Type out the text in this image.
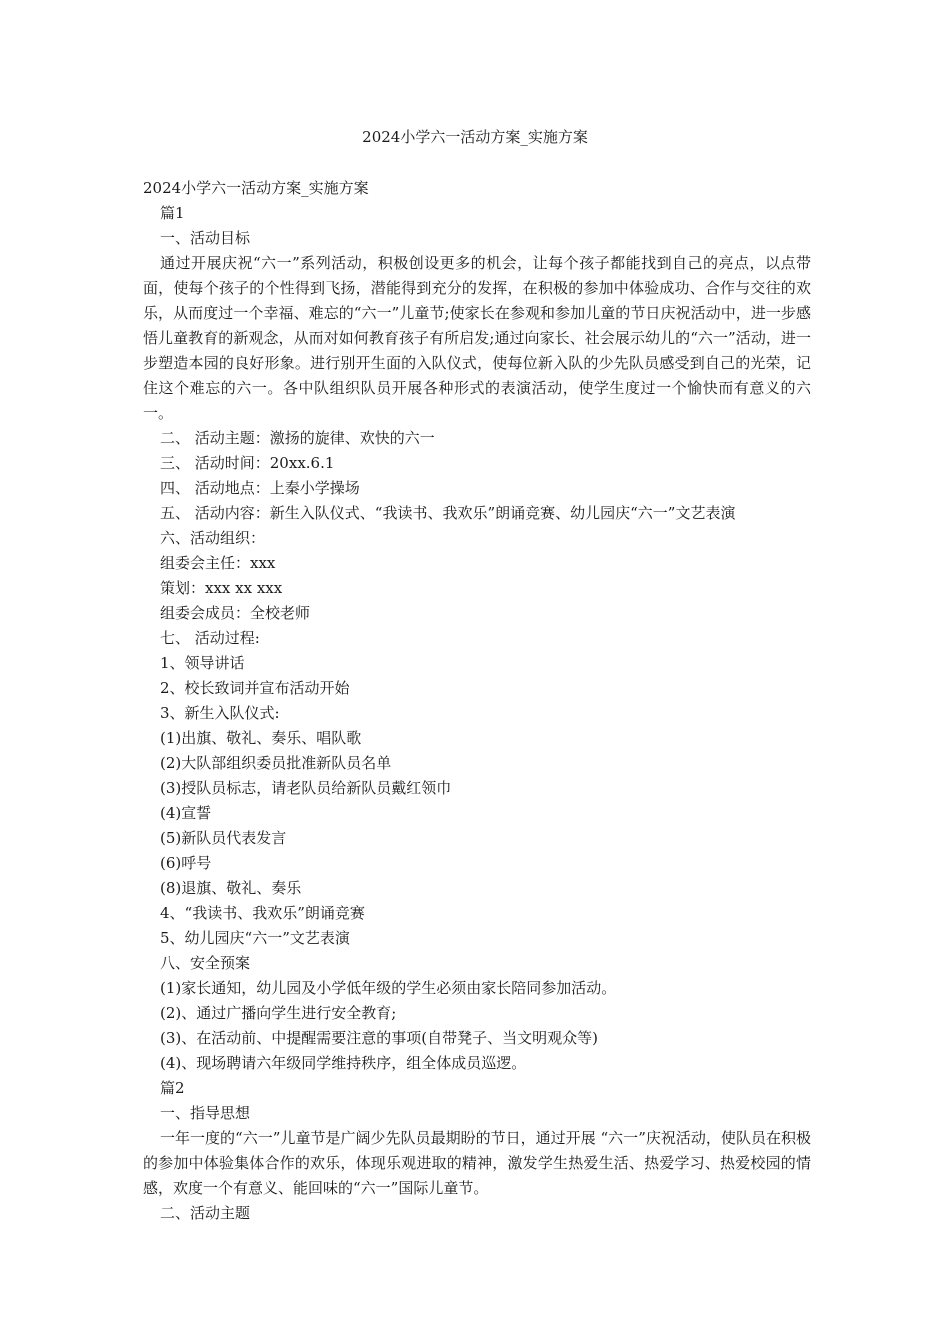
2024小学六一活动方案_实施方案
2024小学六一活动方案_实施方案
篇1
一、活动目标
通过开展庆祝“六一”系列活动，积极创设更多的机会，让每个孩子都能找到自己的亮点，以点带面，使每个孩子的个性得到飞扬，潜能得到充分的发挥，在积极的参加中体验成功、合作与交往的欢乐，从而度过一个幸福、难忘的“六一”儿童节;使家长在参观和参加儿童的节日庆祝活动中，进一步感悟儿童教育的新观念，从而对如何教育孩子有所启发;通过向家长、社会展示幼儿的“六一”活动，进一步塑造本园的良好形象。进行别开生面的入队仪式，使每位新入队的少先队员感受到自己的光荣，记住这个难忘的六一。各中队组织队员开展各种形式的表演活动，使学生度过一个愉快而有意义的六一。
二、 活动主题：激扬的旋律、欢快的六一
三、 活动时间：20xx.6.1
四、 活动地点：上秦小学操场
五、 活动内容：新生入队仪式、“我读书、我欢乐”朗诵竞赛、幼儿园庆“六一”文艺表演
六、活动组织：
组委会主任：xxx
策划：xxx xx xxx
组委会成员：全校老师
七、 活动过程:
1、领导讲话
2、校长致词并宣布活动开始
3、新生入队仪式:
(1)出旗、敬礼、奏乐、唱队歌
(2)大队部组织委员批准新队员名单
(3)授队员标志，请老队员给新队员戴红领巾
(4)宣誓
(5)新队员代表发言
(6)呼号
(8)退旗、敬礼、奏乐
4、“我读书、我欢乐”朗诵竞赛
5、幼儿园庆“六一”文艺表演
八、安全预案
(1)家长通知，幼儿园及小学低年级的学生必须由家长陪同参加活动。
(2)、通过广播向学生进行安全教育;
(3)、在活动前、中提醒需要注意的事项(自带凳子、当文明观众等)
(4)、现场聘请六年级同学维持秩序，组全体成员巡逻。
篇2
一、指导思想
一年一度的“六一”儿童节是广阔少先队员最期盼的节日，通过开展 “六一”庆祝活动，使队员在积极的参加中体验集体合作的欢乐，体现乐观进取的精神，激发学生热爱生活、热爱学习、热爱校园的情感，欢度一个有意义、能回味的“六一”国际儿童节。
二、活动主题
